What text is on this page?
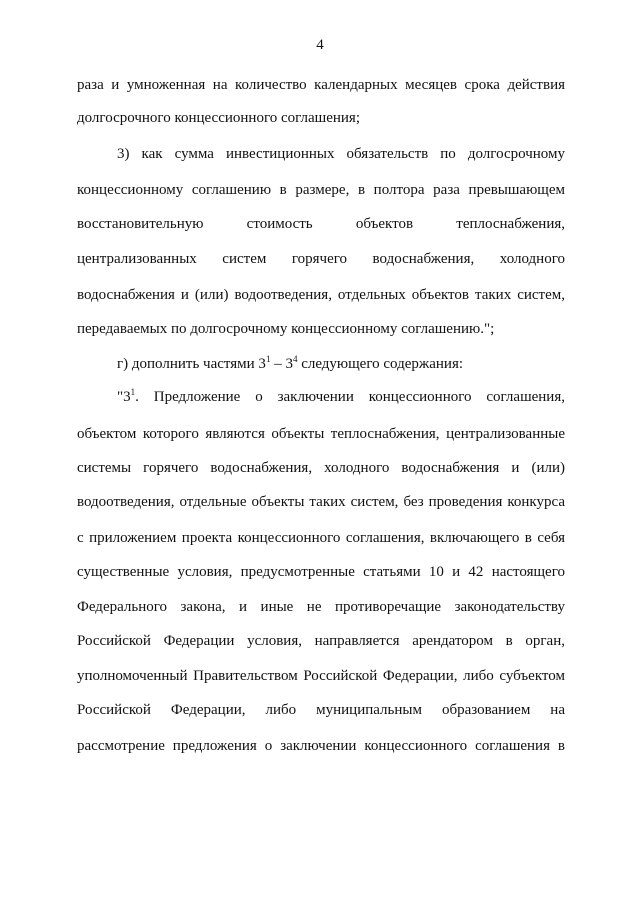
4
раза и умноженная на количество календарных месяцев срока действия
долгосрочного концессионного соглашения;
3) как сумма инвестиционных обязательств по долгосрочному
концессионному соглашению в размере, в полтора раза превышающем
восстановительную стоимость объектов теплоснабжения,
централизованных систем горячего водоснабжения, холодного
водоснабжения и (или) водоотведения, отдельных объектов таких систем,
передаваемых по долгосрочному концессионному соглашению.";
г) дополнить частями $3^1 - 3^4$ следующего содержания:
"$3^1$. Предложение о заключении концессионного соглашения,
объектом которого являются объекты теплоснабжения, централизованные
системы горячего водоснабжения, холодного водоснабжения и (или)
водоотведения, отдельные объекты таких систем, без проведения конкурса
с приложением проекта концессионного соглашения, включающего в себя
существенные условия, предусмотренные статьями 10 и 42 настоящего
Федерального закона, и иные не противоречащие законодательству
Российской Федерации условия, направляется арендатором в орган,
уполномоченный Правительством Российской Федерации, либо субъектом
Российской Федерации, либо муниципальным образованием на
рассмотрение предложения о заключении концессионного соглашения в
